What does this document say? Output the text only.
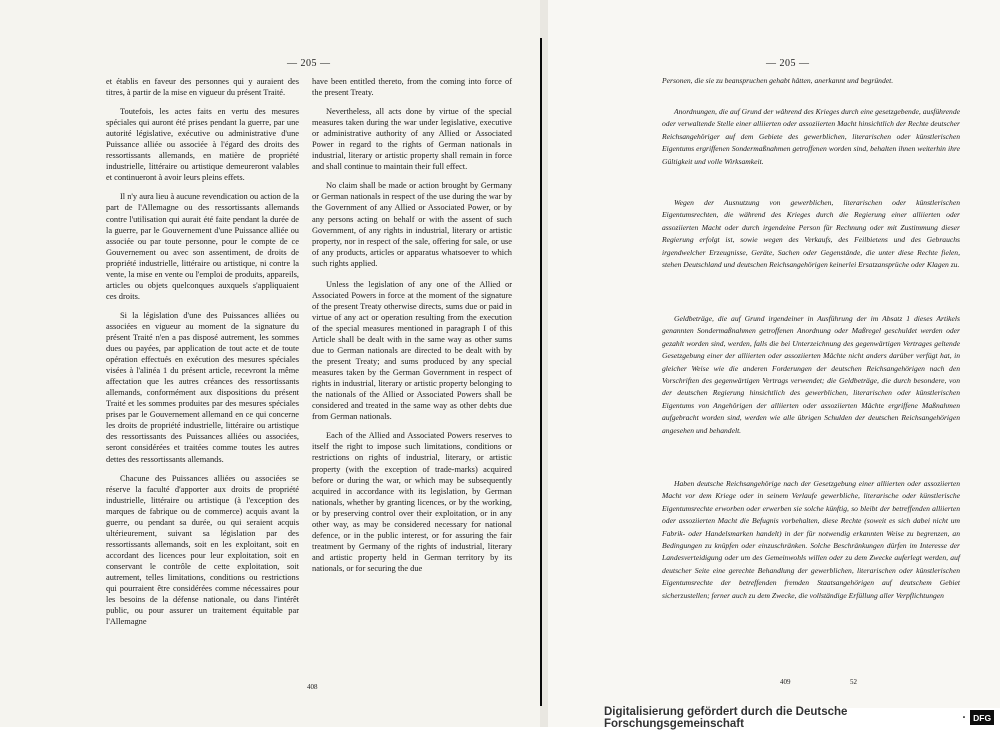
— 205 —

et établis en faveur des personnes qui y auraient des titres, à partir de la mise en vigueur du présent Traité.

Toutefois, les actes faits en vertu des mesures spéciales qui auront été prises pendant la guerre, par une autorité législative, exécutive ou administrative d'une Puissance alliée ou associée à l'égard des droits des ressortissants allemands, en matière de propriété industrielle, littéraire ou artistique demeureront valables et continueront à avoir leurs pleins effets.

Il n'y aura lieu à aucune revendication ou action de la part de l'Allemagne ou des ressortissants allemands contre l'utilisation qui aurait été faite pendant la durée de la guerre, par le Gouvernement d'une Puissance alliée ou associée ou par toute personne, pour le compte de ce Gouvernement ou avec son assentiment, de droits de propriété industrielle, littéraire ou artistique, ni contre la vente, la mise en vente ou l'emploi de produits, appareils, articles ou objets quelconques auxquels s'appliquaient ces droits.

Si la législation d'une des Puissances alliées ou associées en vigueur au moment de la signature du présent Traité n'en a pas disposé autrement, les sommes dues ou payées, par application de tout acte et de toute opération effectués en exécution des mesures spéciales visées à l'alinéa 1 du présent article, recevront la même affectation que les autres créances des ressortissants allemands, conformément aux dispositions du présent Traité et les sommes produites par des mesures spéciales prises par le Gouvernement allemand en ce qui concerne les droits de propriété industrielle, littéraire ou artistique des ressortissants des Puissances alliées ou associées, seront considérées et traitées comme toutes les autres dettes des ressortissants allemands.

Chacune des Puissances alliées ou associées se réserve la faculté d'apporter aux droits de propriété industrielle, littéraire ou artistique (à l'exception des marques de fabrique ou de commerce) acquis avant la guerre, ou pendant sa durée, ou qui seraient acquis ultérieurement, suivant sa législation par des ressortissants allemands, soit en les exploitant, soit en accordant des licences pour leur exploitation, soit en conservant le contrôle de cette exploitation, soit autrement, telles limitations, conditions ou restrictions qui pourraient être considérées comme nécessaires pour les besoins de la défense nationale, ou dans l'intérêt public, ou pour assurer un traitement équitable par l'Allemagne

have been entitled thereto, from the coming into force of the present Treaty.

Nevertheless, all acts done by virtue of the special measures taken during the war under legislative, executive or administrative authority of any Allied or Associated Power in regard to the rights of German nationals in industrial, literary or artistic property shall remain in force and shall continue to maintain their full effect.

No claim shall be made or action brought by Germany or German nationals in respect of the use during the war by the Government of any Allied or Associated Power, or by any persons acting on behalf or with the assent of such Government, of any rights in industrial, literary or artistic property, nor in respect of the sale, offering for sale, or use of any products, articles or apparatus whatsoever to which such rights applied.

Unless the legislation of any one of the Allied or Associated Powers in force at the moment of the signature of the present Treaty otherwise directs, sums due or paid in virtue of any act or operation resulting from the execution of the special measures mentioned in paragraph I of this Article shall be dealt with in the same way as other sums due to German nationals are directed to be dealt with by the present Treaty; and sums produced by any special measures taken by the German Government in respect of rights in industrial, literary or artistic property belonging to the nationals of the Allied or Associated Powers shall be considered and treated in the same way as other debts due from German nationals.

Each of the Allied and Associated Powers reserves to itself the right to impose such limitations, conditions or restrictions on rights of industrial, literary, or artistic property (with the exception of trade-marks) acquired before or during the war, or which may be subsequently acquired in accordance with its legislation, by German nationals, whether by granting licences, or by the working, or by preserving control over their exploitation, or in any other way, as may be considered necessary for national defence, or in the public interest, or for assuring the fair treatment by Germany of the rights of industrial, literary and artistic property held in German territory by its nationals, or for securing the due

408
— 205 —

Personen, die sie zu beanspruchen gehabt hätten, anerkannt und begründet.

Anordnungen, die auf Grund der während des Krieges durch eine gesetzgebende, ausführende oder verwaltende Stelle einer alliierten oder assoziierten Macht hinsichtlich der Rechte deutscher Reichsangehöriger auf dem Gebiete des gewerblichen, literarischen oder künstlerischen Eigentums ergriffenen Sondermaßnahmen getroffenen worden sind, behalten ihnen weiterhin ihre Gültigkeit und volle Wirksamkeit.

Wegen der Ausnutzung von gewerblichen, literarischen oder künstlerischen Eigentumsrechten, die während des Krieges durch die Regierung einer alliierten oder assoziierten Macht oder durch irgendeine Person für Rechnung oder mit Zustimmung dieser Regierung erfolgt ist, sowie wegen des Verkaufs, des Feilbietens und des Gebrauchs irgendwelcher Erzeugnisse, Geräte, Sachen oder Gegenstände, die unter diese Rechte fielen, stehen Deutschland und deutschen Reichsangehörigen keinerlei Ersatzansprüche oder Klagen zu.

Geldbeträge, die auf Grund irgendeiner in Ausführung der im Absatz 1 dieses Artikels genannten Sondermaßnahmen getroffenen Anordnung oder Maßregel geschuldet werden oder gezahlt worden sind, werden, falls die bei Unterzeichnung des gegenwärtigen Vertrages geltende Gesetzgebung einer der alliierten oder assoziierten Mächte nicht anders darüber verfügt hat, in gleicher Weise wie die anderen Forderungen der deutschen Reichsangehörigen nach den Vorschriften des gegenwärtigen Vertrags verwendet; die Geldbeträge, die durch besondere, von der deutschen Regierung hinsichtlich des gewerblichen, literarischen oder künstlerischen Eigentums von Angehörigen der alliierten oder assoziierten Mächte ergriffene Maßnahmen aufgebracht worden sind, werden wie alle übrigen Schulden der deutschen Reichsangehörigen angesehen und behandelt.

Haben deutsche Reichsangehörige nach der Gesetzgebung einer alliierten oder assoziierten Macht vor dem Kriege oder in seinem Verlaufe gewerbliche, literarische oder künstlerische Eigentumsrechte erworben oder erwerben sie solche künftig, so bleibt der betreffenden alliierten oder assoziierten Macht die Befugnis vorbehalten, diese Rechte (soweit es sich dabei nicht um Fabrik- oder Handelsmarken handelt) in der für notwendig erkannten Weise zu begrenzen, an Bedingungen zu knüpfen oder einzuschränken. Solche Beschränkungen dürfen im Interesse der Landesverteidigung oder um des Gemeinwohls willen oder zu dem Zwecke auferlegt werden, auf deutscher Seite eine gerechte Behandlung der gewerblichen, literarischen oder künstlerischen Eigentumsrechte der betreffenden fremden Staatsangehörigen auf deutschem Gebiet sicherzustellen; ferner auch zu dem Zwecke, die vollständige Erfüllung aller Verpflichtungen

409	52
Digitalisierung gefördert durch die Deutsche Forschungsgemeinschaft	· DFG
